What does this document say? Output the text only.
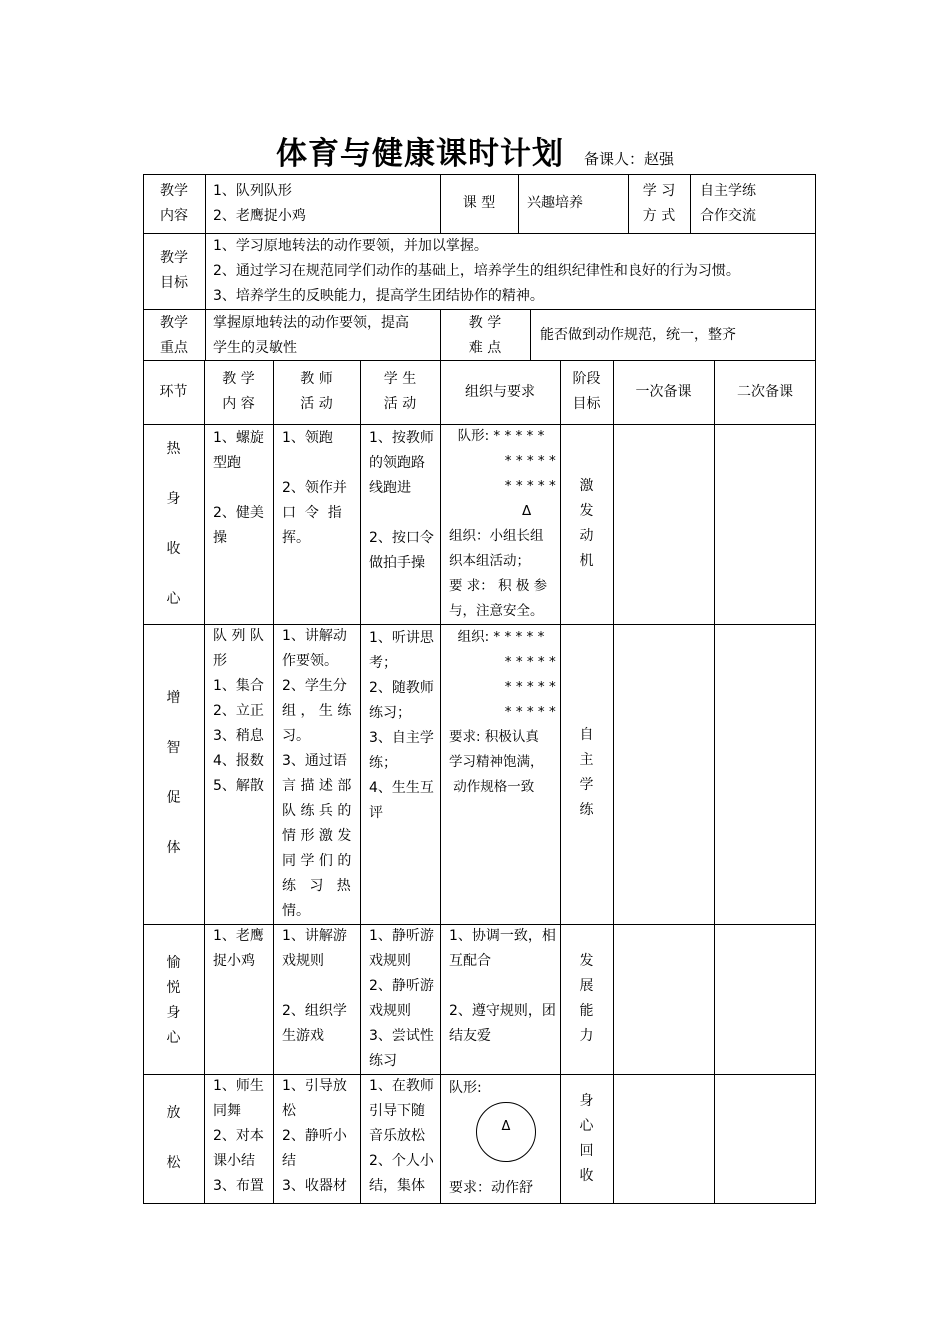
体育与健康课时计划 备课人：赵强
教学
内容
1、队列队形
2、老鹰捉小鸡
课 型	兴趣培养
学 习
方 式
自主学练
合作交流
教学
目标
1、学习原地转法的动作要领，并加以掌握。
2、通过学习在规范同学们动作的基础上，培养学生的组织纪律性和良好的行为习惯。
3、培养学生的反映能力，提高学生团结协作的精神。
教学
重点
掌握原地转法的动作要领，提高
学生的灵敏性
教 学
难 点
能否做到动作规范，统一，整齐
环节
教 学
内 容
教 师
活 动
学 生
活 动
组织与要求
阶段
目标
一次备课	二次备课
热

身

收

心
1、螺旋
型跑

2、健美
操
1、领跑

2、领作并
口  令  指
挥。
1、按教师
的领跑路
线跑进

2、按口令
做拍手操
队形: * * * * *
* * * * *
* * * * *
Δ
组织：小组长组
织本组活动；
要 求： 积 极 参
与，注意安全。
激
发
动
机
增

智

促

体
队 列 队
形
1、集合
2、立正
3、稍息
4、报数
5、解散
1、讲解动
作要领。
2、学生分
组 ， 生 练
习。
3、通过语
言 描 述 部
队 练 兵 的
情 形 激 发
同 学 们 的
练   习   热
情。
1、听讲思
考；
2、随教师
练习；
3、自主学
练；
4、生生互
评
组织: * * * * *
* * * * *
* * * * *
* * * * *
要求: 积极认真
学习精神饱满，
动作规格一致
自
主
学
练
愉
悦
身
心
1、老鹰
捉小鸡
1、讲解游
戏规则

2、组织学
生游戏
1、静听游
戏规则
2、静听游
戏规则
3、尝试性
练习
1、协调一致，相
互配合

2、遵守规则，团
结友爱
发
展
能
力
放

松
1、师生
同舞
2、对本
课小结
3、布置
1、引导放
松
2、静听小
结
3、收器材
1、在教师
引导下随
音乐放松
2、个人小
结，集体
队形:
Δ
要求：动作舒
身
心
回
收
